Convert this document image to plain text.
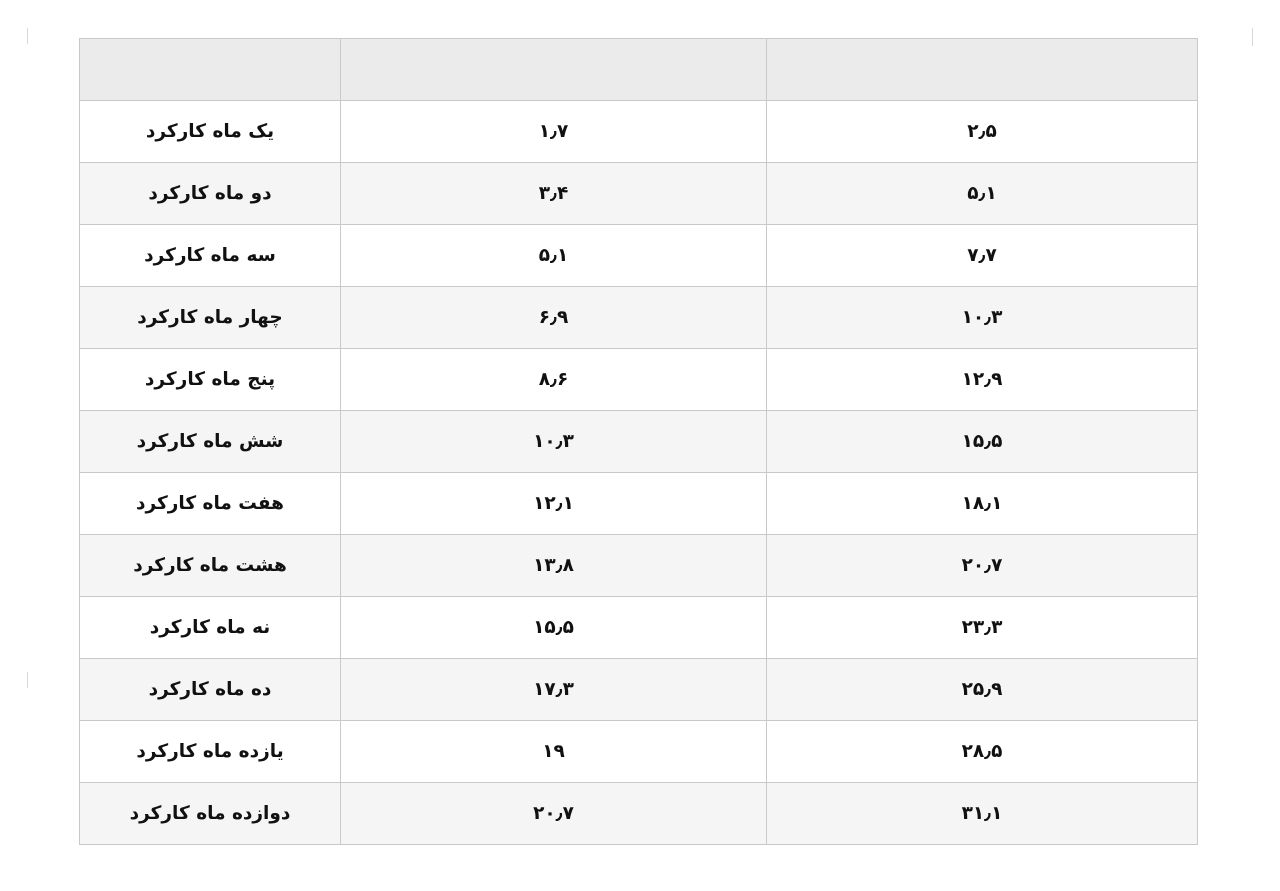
۲٫۵	۱٫۷	یک ماه کارکرد
۵٫۱	۳٫۴	دو ماه کارکرد
۷٫۷	۵٫۱	سه ماه کارکرد
۱۰٫۳	۶٫۹	چهار ماه کارکرد
۱۲٫۹	۸٫۶	پنج ماه کارکرد
۱۵٫۵	۱۰٫۳	شش ماه کارکرد
۱۸٫۱	۱۲٫۱	هفت ماه کارکرد
۲۰٫۷	۱۳٫۸	هشت ماه کارکرد
۲۳٫۳	۱۵٫۵	نه ماه کارکرد
۲۵٫۹	۱۷٫۳	ده ماه کارکرد
۲۸٫۵	۱۹	یازده ماه کارکرد
۳۱٫۱	۲۰٫۷	دوازده ماه کارکرد
